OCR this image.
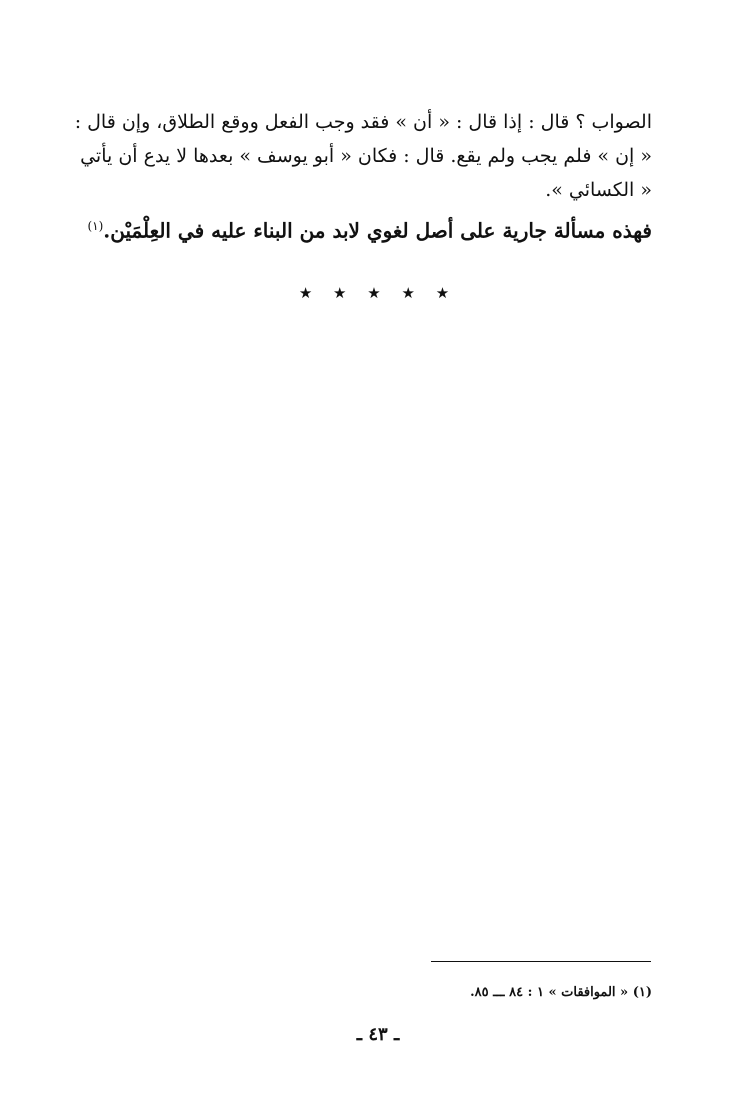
الصواب ؟ قال : إذا قال : « أن » فقد وجب الفعل ووقع الطلاق، وإن قال :
« إن » فلم يجب ولم يقع. قال : فكان « أبو يوسف » بعدها لا يدع أن يأتي
« الكسائي ».
فهذه مسألة جارية على أصل لغوي لابد من البناء عليه في العِلْمَيْن.$^{(١)}$
★ ★ ★ ★ ★
(١) « الموافقات » ١ : ٨٤ ـــ ٨٥.
ـ ٤٣ ـ
